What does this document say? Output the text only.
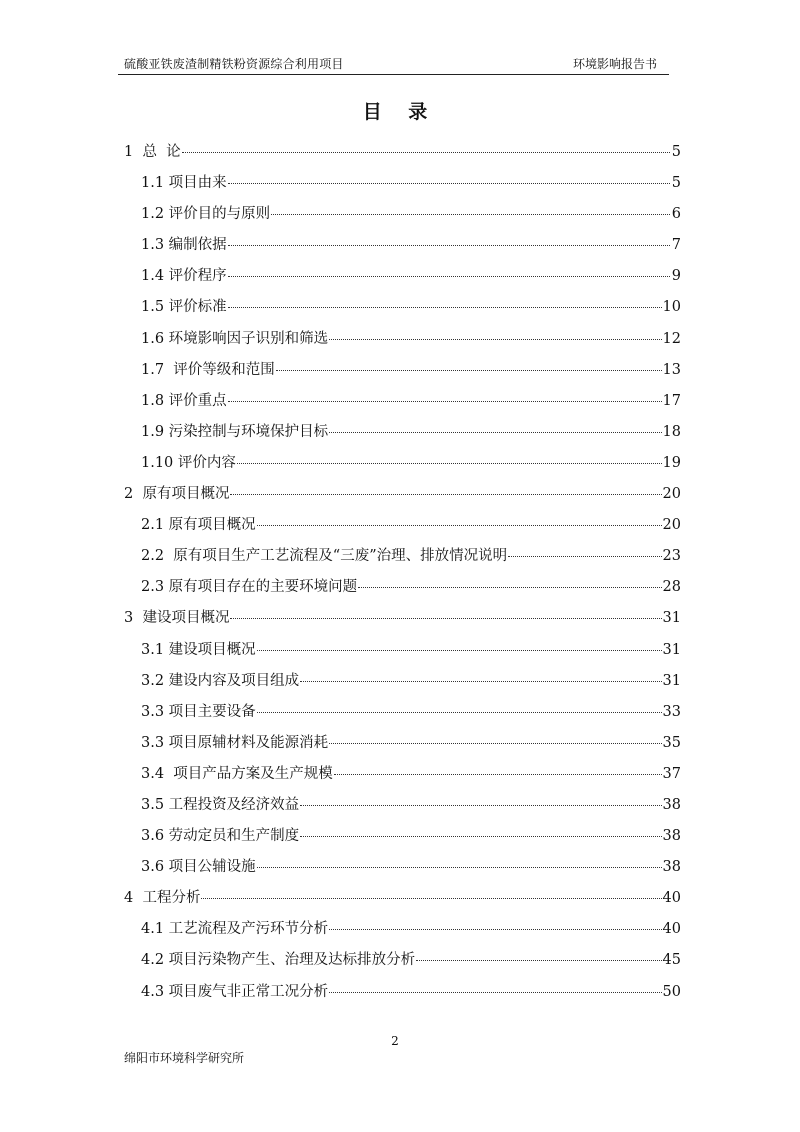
硫酸亚铁废渣制精铁粉资源综合利用项目	环境影响报告书
目 录
1  总  论	5
1.1 项目由来	5
1.2 评价目的与原则	6
1.3 编制依据	7
1.4 评价程序	9
1.5 评价标准	10
1.6 环境影响因子识别和筛选	12
1.7  评价等级和范围	13
1.8 评价重点	17
1.9 污染控制与环境保护目标	18
1.10 评价内容	19
2  原有项目概况	20
2.1 原有项目概况	20
2.2  原有项目生产工艺流程及“三废”治理、排放情况说明	23
2.3 原有项目存在的主要环境问题	28
3  建设项目概况	31
3.1 建设项目概况	31
3.2 建设内容及项目组成	31
3.3 项目主要设备	33
3.3 项目原辅材料及能源消耗	35
3.4  项目产品方案及生产规模	37
3.5 工程投资及经济效益	38
3.6 劳动定员和生产制度	38
3.6 项目公辅设施	38
4  工程分析	40
4.1 工艺流程及产污环节分析	40
4.2 项目污染物产生、治理及达标排放分析	45
4.3 项目废气非正常工况分析	50
2
绵阳市环境科学研究所
